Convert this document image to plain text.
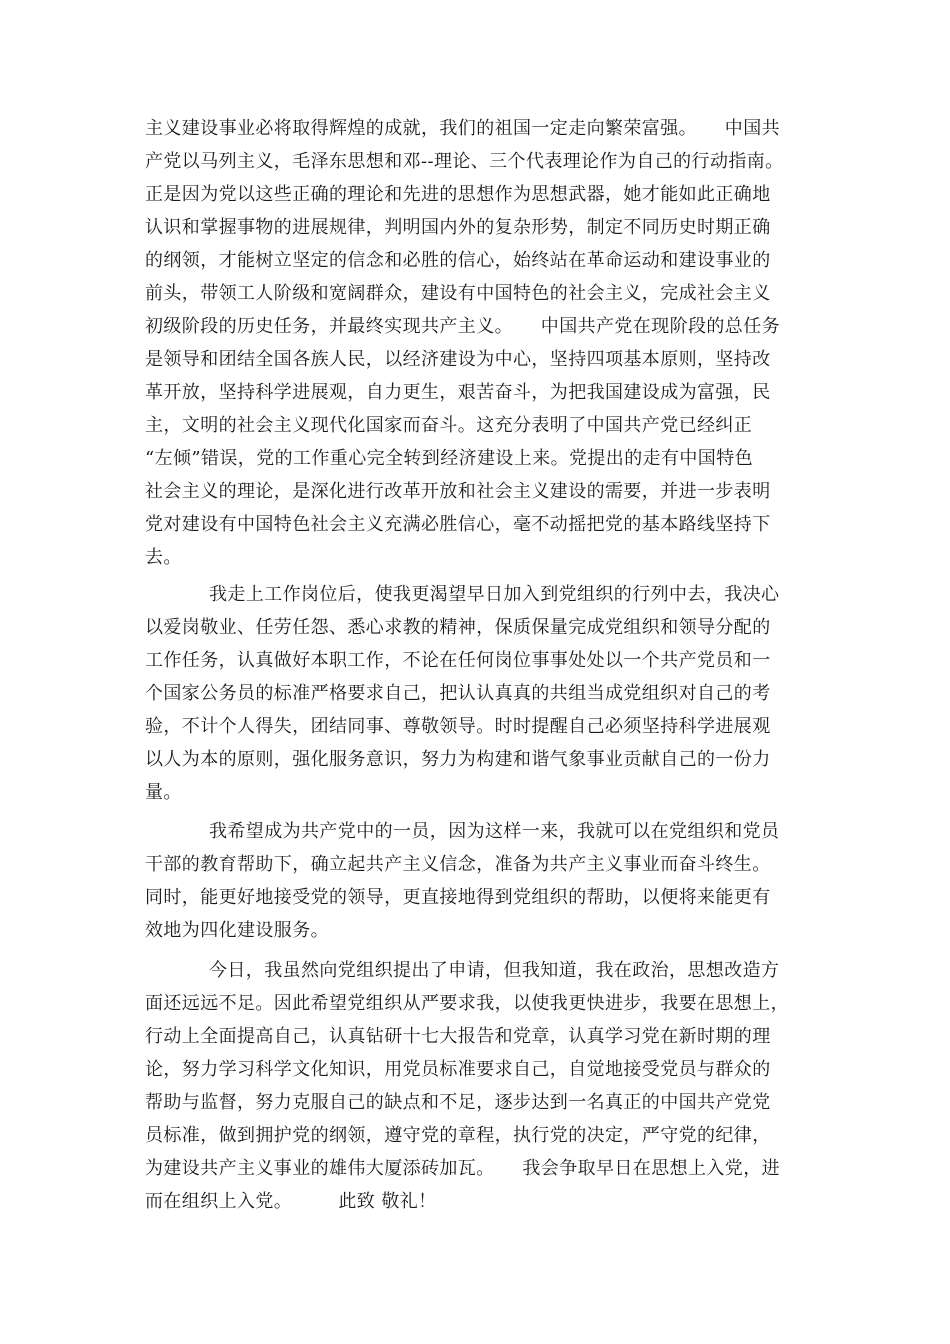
主义建设事业必将取得辉煌的成就，我们的祖国一定走向繁荣富强。　　中国共
产党以马列主义，毛泽东思想和邓--理论、三个代表理论作为自己的行动指南。
正是因为党以这些正确的理论和先进的思想作为思想武器，她才能如此正确地
认识和掌握事物的进展规律，判明国内外的复杂形势，制定不同历史时期正确
的纲领，才能树立坚定的信念和必胜的信心，始终站在革命运动和建设事业的
前头，带领工人阶级和宽阔群众，建设有中国特色的社会主义，完成社会主义
初级阶段的历史任务，并最终实现共产主义。　　中国共产党在现阶段的总任务
是领导和团结全国各族人民，以经济建设为中心，坚持四项基本原则，坚持改
革开放，坚持科学进展观，自力更生，艰苦奋斗，为把我国建设成为富强，民
主，文明的社会主义现代化国家而奋斗。这充分表明了中国共产党已经纠正
“左倾”错误，党的工作重心完全转到经济建设上来。党提出的走有中国特色
社会主义的理论，是深化进行改革开放和社会主义建设的需要，并进一步表明
党对建设有中国特色社会主义充满必胜信心，毫不动摇把党的基本路线坚持下
去。
我走上工作岗位后，使我更渴望早日加入到党组织的行列中去，我决心
以爱岗敬业、任劳任怨、悉心求教的精神，保质保量完成党组织和领导分配的
工作任务，认真做好本职工作，不论在任何岗位事事处处以一个共产党员和一
个国家公务员的标准严格要求自己，把认认真真的共组当成党组织对自己的考
验，不计个人得失，团结同事、尊敬领导。时时提醒自己必须坚持科学进展观
以人为本的原则，强化服务意识，努力为构建和谐气象事业贡献自己的一份力
量。
我希望成为共产党中的一员，因为这样一来，我就可以在党组织和党员
干部的教育帮助下，确立起共产主义信念，准备为共产主义事业而奋斗终生。
同时，能更好地接受党的领导，更直接地得到党组织的帮助，以便将来能更有
效地为四化建设服务。
今日，我虽然向党组织提出了申请，但我知道，我在政治，思想改造方
面还远远不足。因此希望党组织从严要求我，以使我更快进步，我要在思想上，
行动上全面提高自己，认真钻研十七大报告和党章，认真学习党在新时期的理
论，努力学习科学文化知识，用党员标准要求自己，自觉地接受党员与群众的
帮助与监督，努力克服自己的缺点和不足，逐步达到一名真正的中国共产党党
员标准，做到拥护党的纲领，遵守党的章程，执行党的决定，严守党的纪律，
为建设共产主义事业的雄伟大厦添砖加瓦。　　我会争取早日在思想上入党，进
而在组织上入党。　　　此致 敬礼！
